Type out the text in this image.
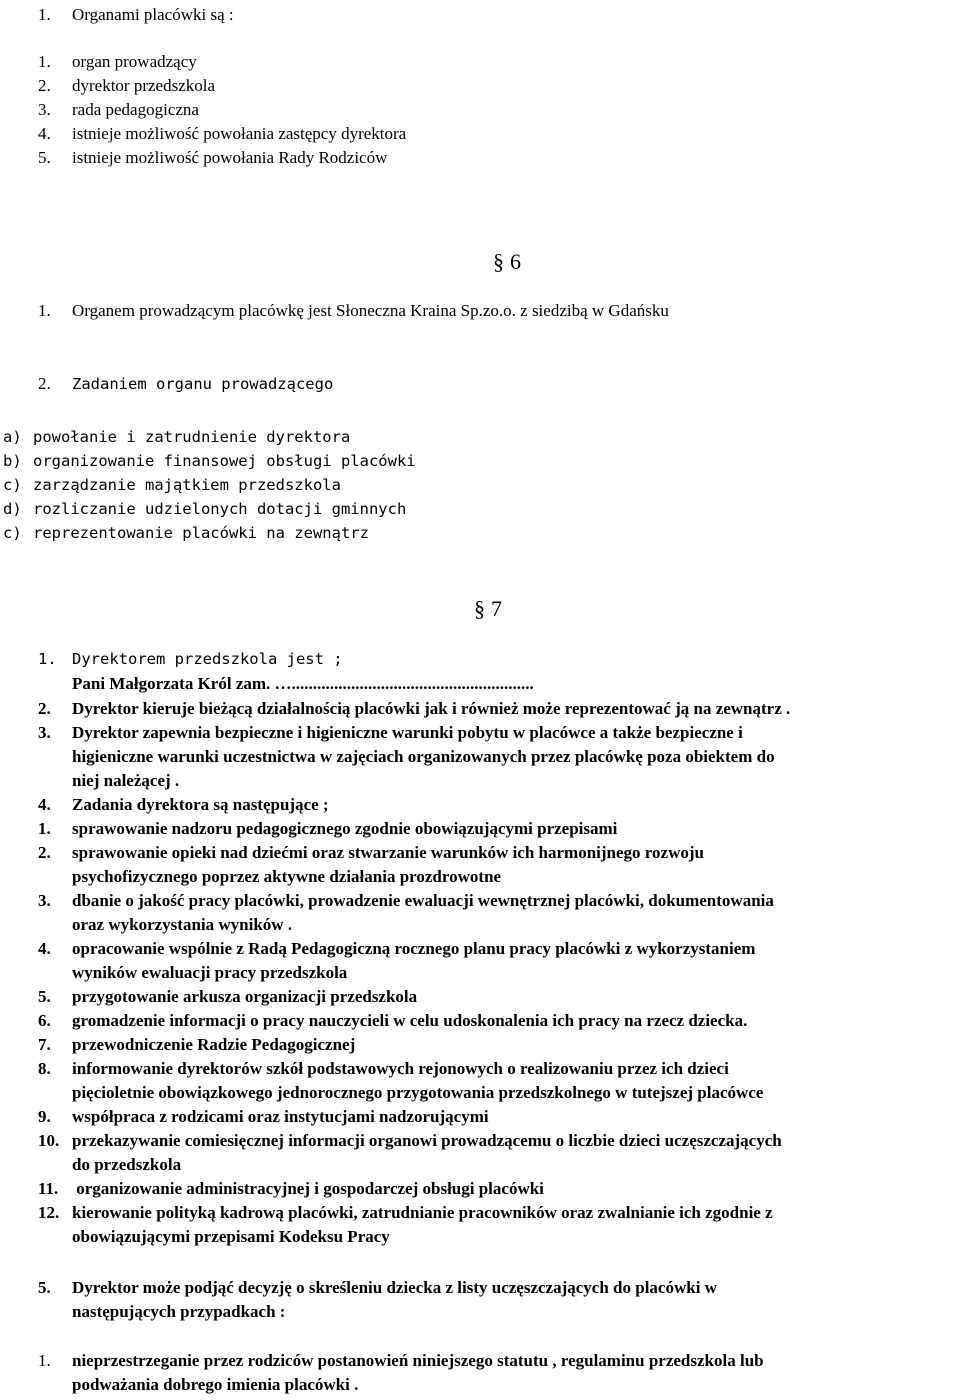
1. Organami placówki są :
1. organ prowadzący
2. dyrektor przedszkola
3. rada pedagogiczna
4. istnieje możliwość powołania zastępcy dyrektora
5. istnieje możliwość powołania Rady Rodziców
§ 6
1. Organem prowadzącym placówkę jest Słoneczna Kraina Sp.zo.o. z siedzibą w Gdańsku
2. Zadaniem organu prowadzącego
a) powołanie i zatrudnienie dyrektora
b) organizowanie finansowej obsługi placówki
c) zarządzanie majątkiem przedszkola
d) rozliczanie udzielonych dotacji gminnych
c) reprezentowanie placówki na zewnątrz
§ 7
1. Dyrektorem przedszkola jest ;
Pani Małgorzata Król zam. ….........................................................
2. Dyrektor kieruje bieżącą działalnością placówki jak i również może reprezentować ją na zewnątrz .
3. Dyrektor zapewnia bezpieczne i higieniczne warunki pobytu w placówce a także bezpieczne i
higieniczne warunki uczestnictwa w zajęciach organizowanych przez placówkę poza obiektem do
niej należącej .
4. Zadania dyrektora są następujące ;
1. sprawowanie nadzoru pedagogicznego zgodnie obowiązującymi przepisami
2. sprawowanie opieki nad dziećmi oraz stwarzanie warunków ich harmonijnego rozwoju
psychofizycznego poprzez aktywne działania prozdrowotne
3. dbanie o jakość pracy placówki, prowadzenie ewaluacji wewnętrznej placówki, dokumentowania
oraz wykorzystania wyników .
4. opracowanie wspólnie z Radą Pedagogiczną rocznego planu pracy placówki z wykorzystaniem
wyników ewaluacji pracy przedszkola
5. przygotowanie arkusza organizacji przedszkola
6. gromadzenie informacji o pracy nauczycieli w celu udoskonalenia ich pracy na rzecz dziecka.
7. przewodniczenie Radzie Pedagogicznej
8. informowanie dyrektorów szkół podstawowych rejonowych o realizowaniu przez ich dzieci
pięcioletnie obowiązkowego jednorocznego przygotowania przedszkolnego w tutejszej placówce
9. współpraca z rodzicami oraz instytucjami nadzorującymi
10. przekazywanie comiesięcznej informacji organowi prowadzącemu o liczbie dzieci uczęszczających
do przedszkola
11. organizowanie administracyjnej i gospodarczej obsługi placówki
12. kierowanie polityką kadrową placówki, zatrudnianie pracowników oraz zwalnianie ich zgodnie z
obowiązującymi przepisami Kodeksu Pracy
5. Dyrektor może podjąć decyzję o skreśleniu dziecka z listy uczęszczających do placówki w
następujących przypadkach :
1. nieprzestrzeganie przez rodziców postanowień niniejszego statutu , regulaminu przedszkola lub
podważania dobrego imienia placówki .
